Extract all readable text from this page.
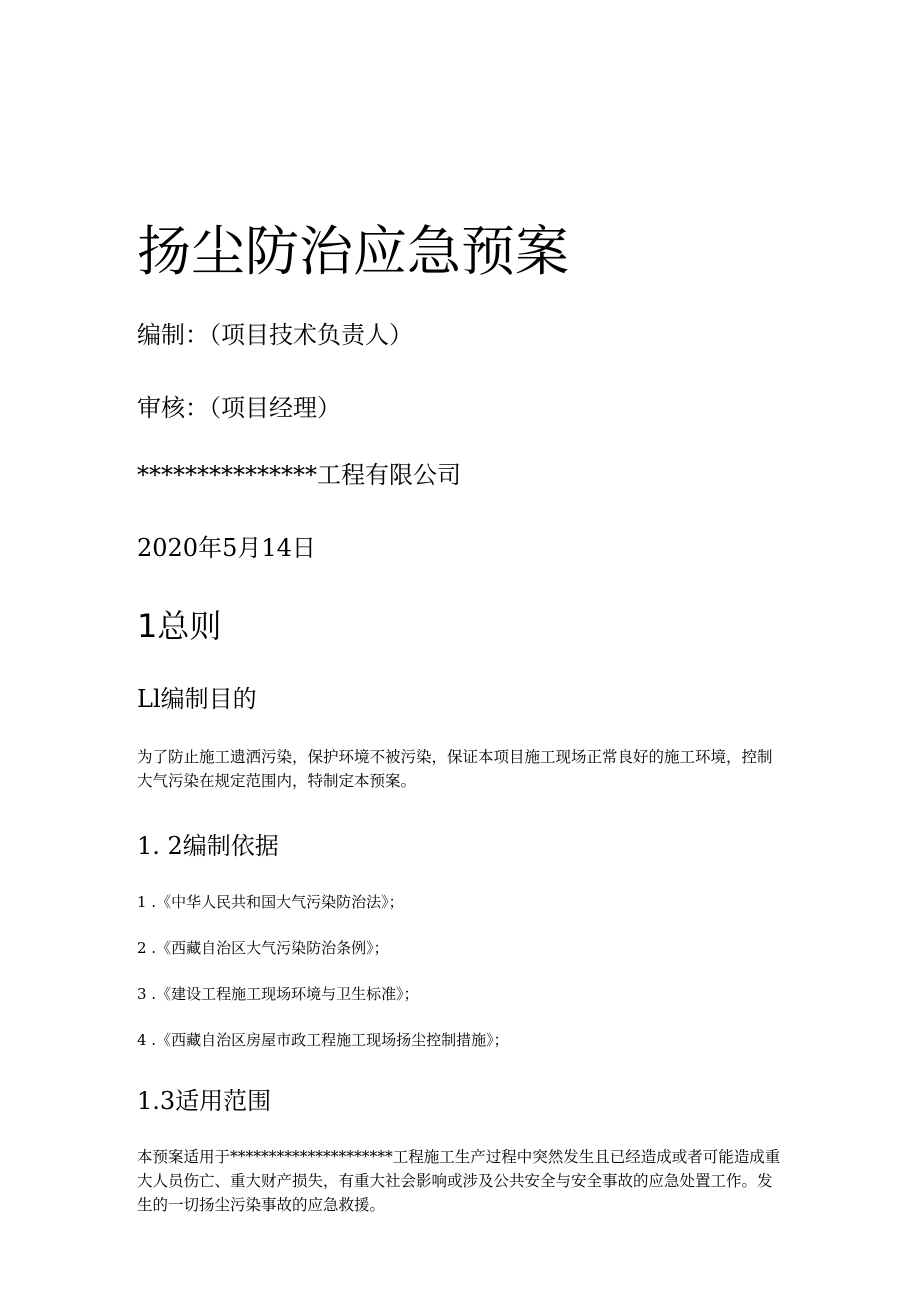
扬尘防治应急预案
编制：（项目技术负责人）
审核：（项目经理）
***************工程有限公司
2020年5月14日
1总则
Ll编制目的
为了防止施工遗洒污染，保护环境不被污染，保证本项目施工现场正常良好的施工环境，控制大气污染在规定范围内，特制定本预案。
1. 2编制依据
1 .《中华人民共和国大气污染防治法》；
2 .《西藏自治区大气污染防治条例》；
3 .《建设工程施工现场环境与卫生标准》；
4 .《西藏自治区房屋市政工程施工现场扬尘控制措施》；
1.3适用范围
本预案适用于*********************工程施工生产过程中突然发生且已经造成或者可能造成重大人员伤亡、重大财产损失，有重大社会影响或涉及公共安全与安全事故的应急处置工作。发生的一切扬尘污染事故的应急救援。
